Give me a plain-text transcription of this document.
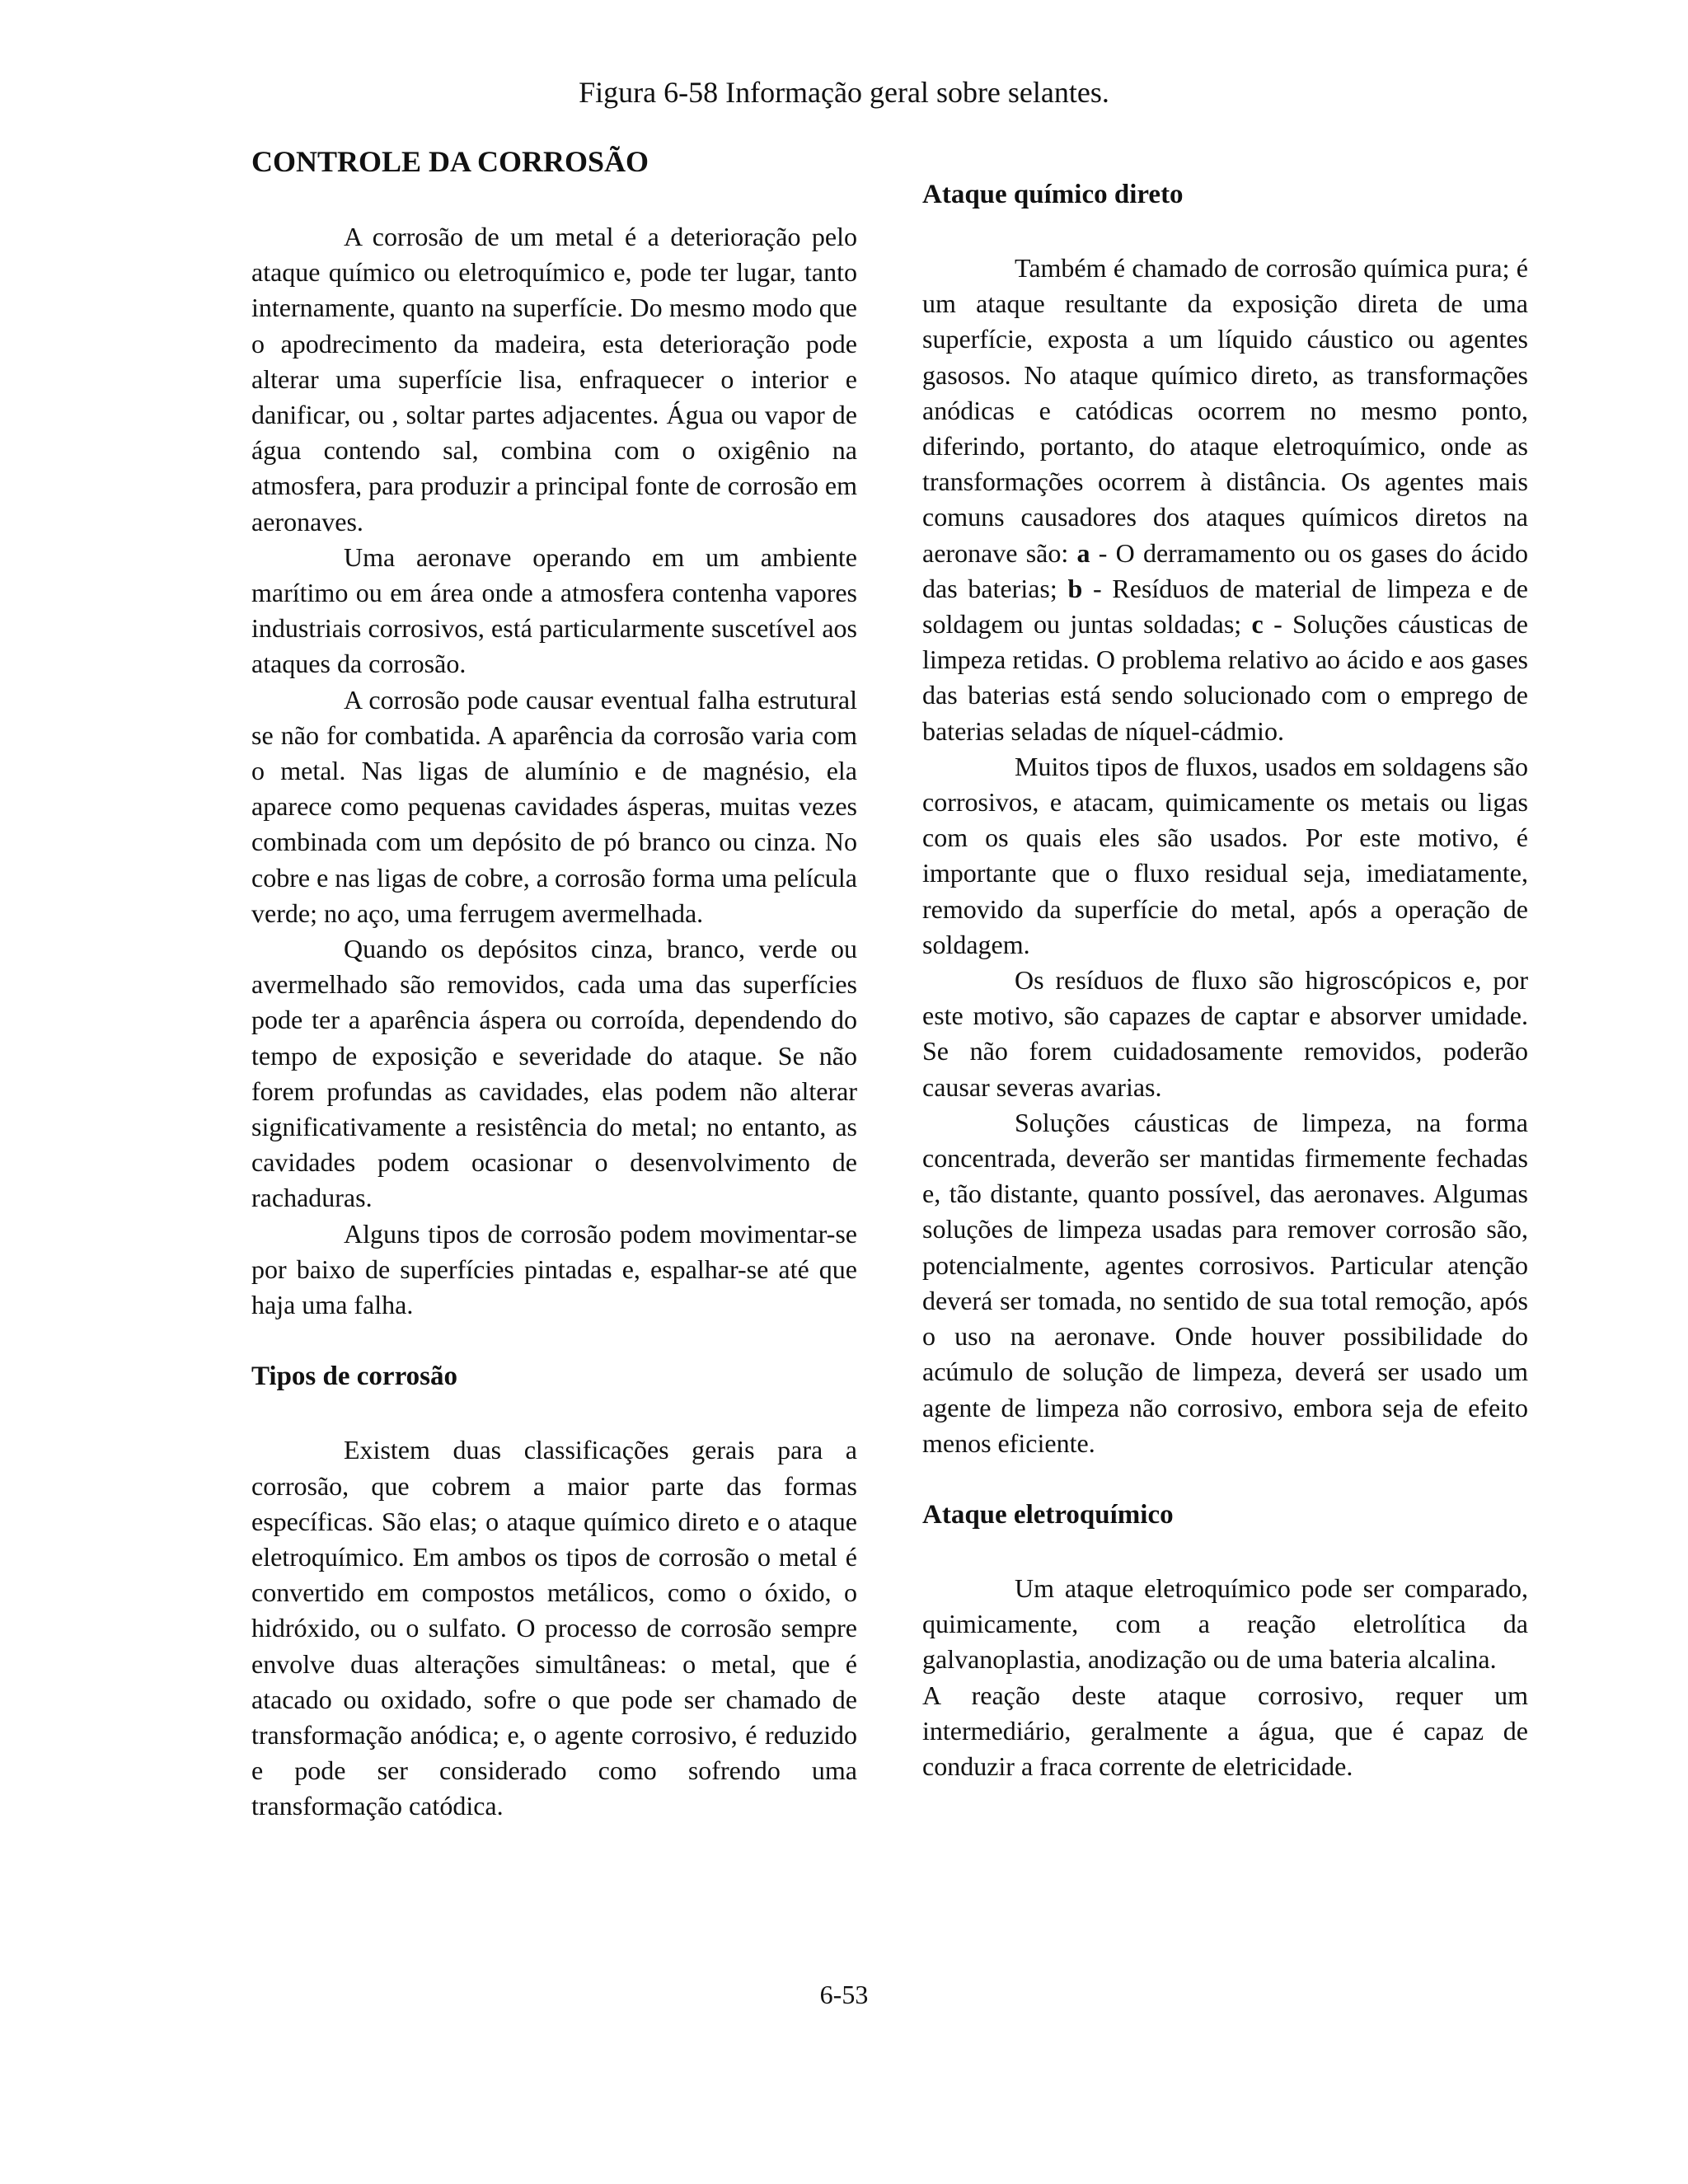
Figura 6-58 Informação geral sobre selantes.
CONTROLE DA CORROSÃO

A corrosão de um metal é a deterioração pelo ataque químico ou eletroquímico e, pode ter lugar, tanto internamente, quanto na superfície. Do mesmo modo que o apodrecimento da madeira, esta deterioração pode alterar uma superfície lisa, enfraquecer o interior e danificar, ou , soltar partes adjacentes. Água ou vapor de água contendo sal, combina com o oxigênio na atmosfera, para produzir a principal fonte de corrosão em aeronaves.

Uma aeronave operando em um ambiente marítimo ou em área onde a atmosfera contenha vapores industriais corrosivos, está particularmente suscetível aos ataques da corrosão.

A corrosão pode causar eventual falha estrutural se não for combatida. A aparência da corrosão varia com o metal. Nas ligas de alumínio e de magnésio, ela aparece como pequenas cavidades ásperas, muitas vezes combinada com um depósito de pó branco ou cinza. No cobre e nas ligas de cobre, a corrosão forma uma película verde; no aço, uma ferrugem avermelhada.

Quando os depósitos cinza, branco, verde ou avermelhado são removidos, cada uma das superfícies pode ter a aparência áspera ou corroída, dependendo do tempo de exposição e severidade do ataque. Se não forem profundas as cavidades, elas podem não alterar significativamente a resistência do metal; no entanto, as cavidades podem ocasionar o desenvolvimento de rachaduras.

Alguns tipos de corrosão podem movimentar-se por baixo de superfícies pintadas e, espalhar-se até que haja uma falha.

Tipos de corrosão

Existem duas classificações gerais para a corrosão, que cobrem a maior parte das formas específicas. São elas; o ataque químico direto e o ataque eletroquímico. Em ambos os tipos de corrosão o metal é convertido em compostos metálicos, como o óxido, o hidróxido, ou o sulfato. O processo de corrosão sempre envolve duas alterações simultâneas: o metal, que é atacado ou oxidado, sofre o que pode ser chamado de transformação anódica; e, o agente corrosivo, é reduzido e pode ser considerado como sofrendo uma transformação catódica.

Ataque químico direto

Também é chamado de corrosão química pura; é um ataque resultante da exposição direta de uma superfície, exposta a um líquido cáustico ou agentes gasosos. No ataque químico direto, as transformações anódicas e catódicas ocorrem no mesmo ponto, diferindo, portanto, do ataque eletroquímico, onde as transformações ocorrem à distância. Os agentes mais comuns causadores dos ataques químicos diretos na aeronave são: a - O derramamento ou os gases do ácido das baterias; b - Resíduos de material de limpeza e de soldagem ou juntas soldadas; c - Soluções cáusticas de limpeza retidas. O problema relativo ao ácido e aos gases das baterias está sendo solucionado com o emprego de baterias seladas de níquel-cádmio.

Muitos tipos de fluxos, usados em soldagens são corrosivos, e atacam, quimicamente os metais ou ligas com os quais eles são usados. Por este motivo, é importante que o fluxo residual seja, imediatamente, removido da superfície do metal, após a operação de soldagem.

Os resíduos de fluxo são higroscópicos e, por este motivo, são capazes de captar e absorver umidade. Se não forem cuidadosamente removidos, poderão causar severas avarias.

Soluções cáusticas de limpeza, na forma concentrada, deverão ser mantidas firmemente fechadas e, tão distante, quanto possível, das aeronaves. Algumas soluções de limpeza usadas para remover corrosão são, potencialmente, agentes corrosivos. Particular atenção deverá ser tomada, no sentido de sua total remoção, após o uso na aeronave. Onde houver possibilidade do acúmulo de solução de limpeza, deverá ser usado um agente de limpeza não corrosivo, embora seja de efeito menos eficiente.

Ataque eletroquímico

Um ataque eletroquímico pode ser comparado, quimicamente, com a reação eletrolítica da galvanoplastia, anodização ou de uma bateria alcalina.

A reação deste ataque corrosivo, requer um intermediário, geralmente a água, que é capaz de conduzir a fraca corrente de eletricidade.

6-53
